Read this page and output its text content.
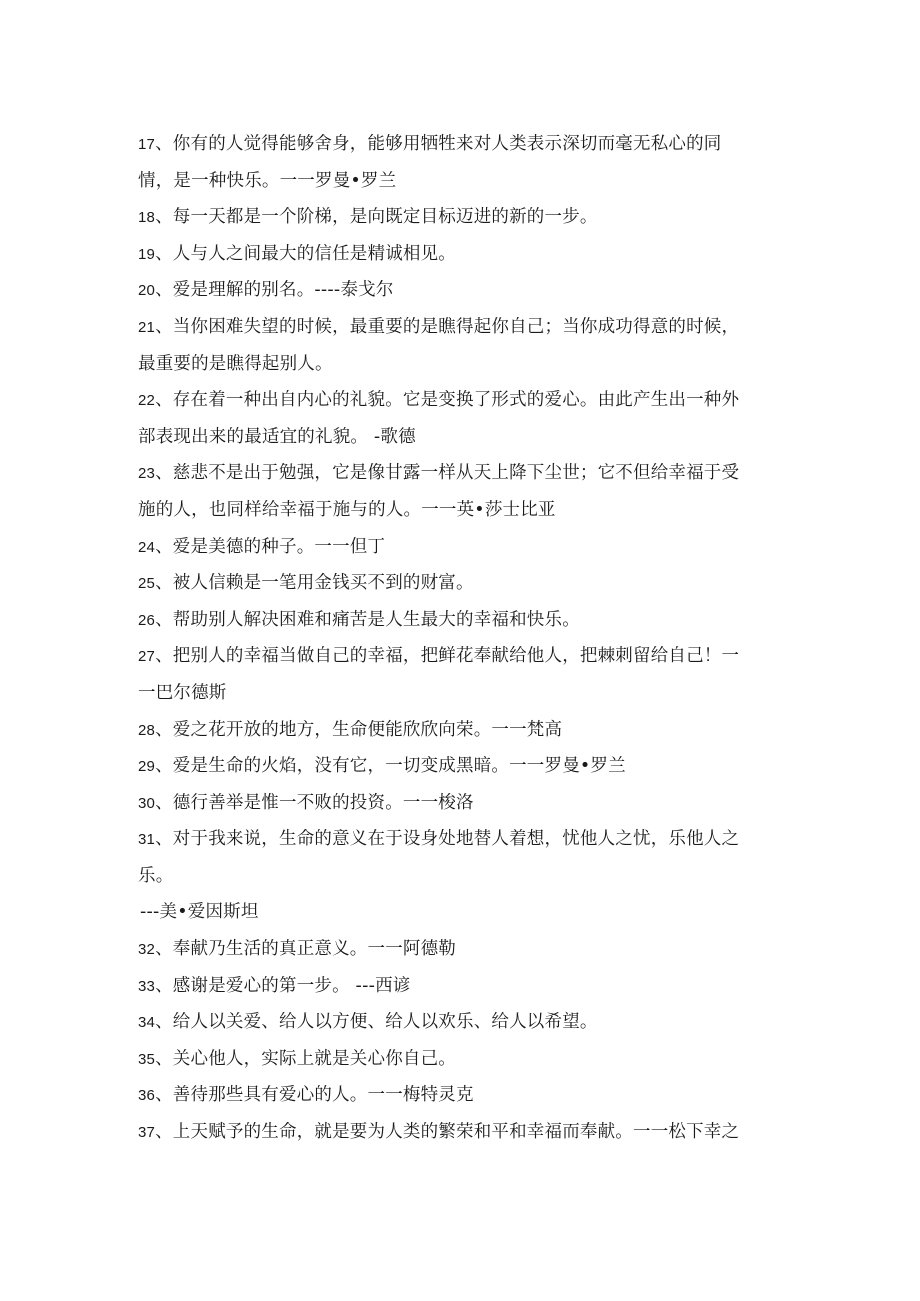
17、你有的人觉得能够舍身，能够用牺牲来对人类表示深切而毫无私心的同
情，是一种快乐。一一罗曼•罗兰
18、每一天都是一个阶梯，是向既定目标迈进的新的一步。
19、人与人之间最大的信任是精诚相见。
20、爱是理解的别名。----泰戈尔
21、当你困难失望的时候，最重要的是瞧得起你自己；当你成功得意的时候，
最重要的是瞧得起别人。
22、存在着一种出自内心的礼貌。它是变换了形式的爱心。由此产生出一种外
部表现出来的最适宜的礼貌。 -歌德
23、慈悲不是出于勉强，它是像甘露一样从天上降下尘世；它不但给幸福于受
施的人，也同样给幸福于施与的人。一一英•莎士比亚
24、爱是美德的种子。一一但丁
25、被人信赖是一笔用金钱买不到的财富。
26、帮助别人解决困难和痛苦是人生最大的幸福和快乐。
27、把别人的幸福当做自己的幸福，把鲜花奉献给他人，把棘刺留给自己！一
一巴尔德斯
28、爱之花开放的地方，生命便能欣欣向荣。一一梵高
29、爱是生命的火焰，没有它，一切变成黑暗。一一罗曼•罗兰
30、德行善举是惟一不败的投资。一一梭洛
31、对于我来说，生命的意义在于设身处地替人着想，忧他人之忧，乐他人之
乐。
---美•爱因斯坦
32、奉献乃生活的真正意义。一一阿德勒
33、感谢是爱心的第一步。 ---西谚
34、给人以关爱、给人以方便、给人以欢乐、给人以希望。
35、关心他人，实际上就是关心你自己。
36、善待那些具有爱心的人。一一梅特灵克
37、上天赋予的生命，就是要为人类的繁荣和平和幸福而奉献。一一松下幸之
